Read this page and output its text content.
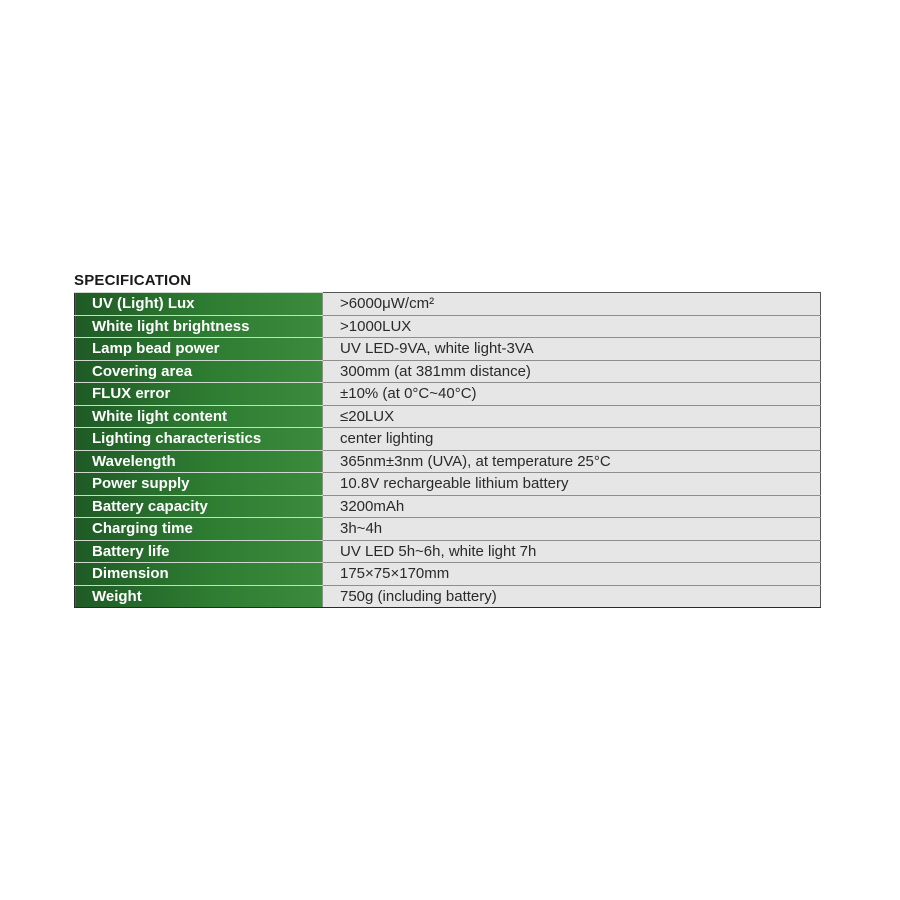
SPECIFICATION
UV (Light) Lux	>6000μW/cm²
White light brightness	>1000LUX
Lamp bead power	UV LED-9VA, white light-3VA
Covering area	300mm (at 381mm distance)
FLUX error	±10% (at 0°C~40°C)
White light content	≤20LUX
Lighting characteristics	center lighting
Wavelength	365nm±3nm (UVA), at temperature 25°C
Power supply	10.8V rechargeable lithium battery
Battery capacity	3200mAh
Charging time	3h~4h
Battery life	UV LED 5h~6h, white light 7h
Dimension	175×75×170mm
Weight	750g (including battery)
